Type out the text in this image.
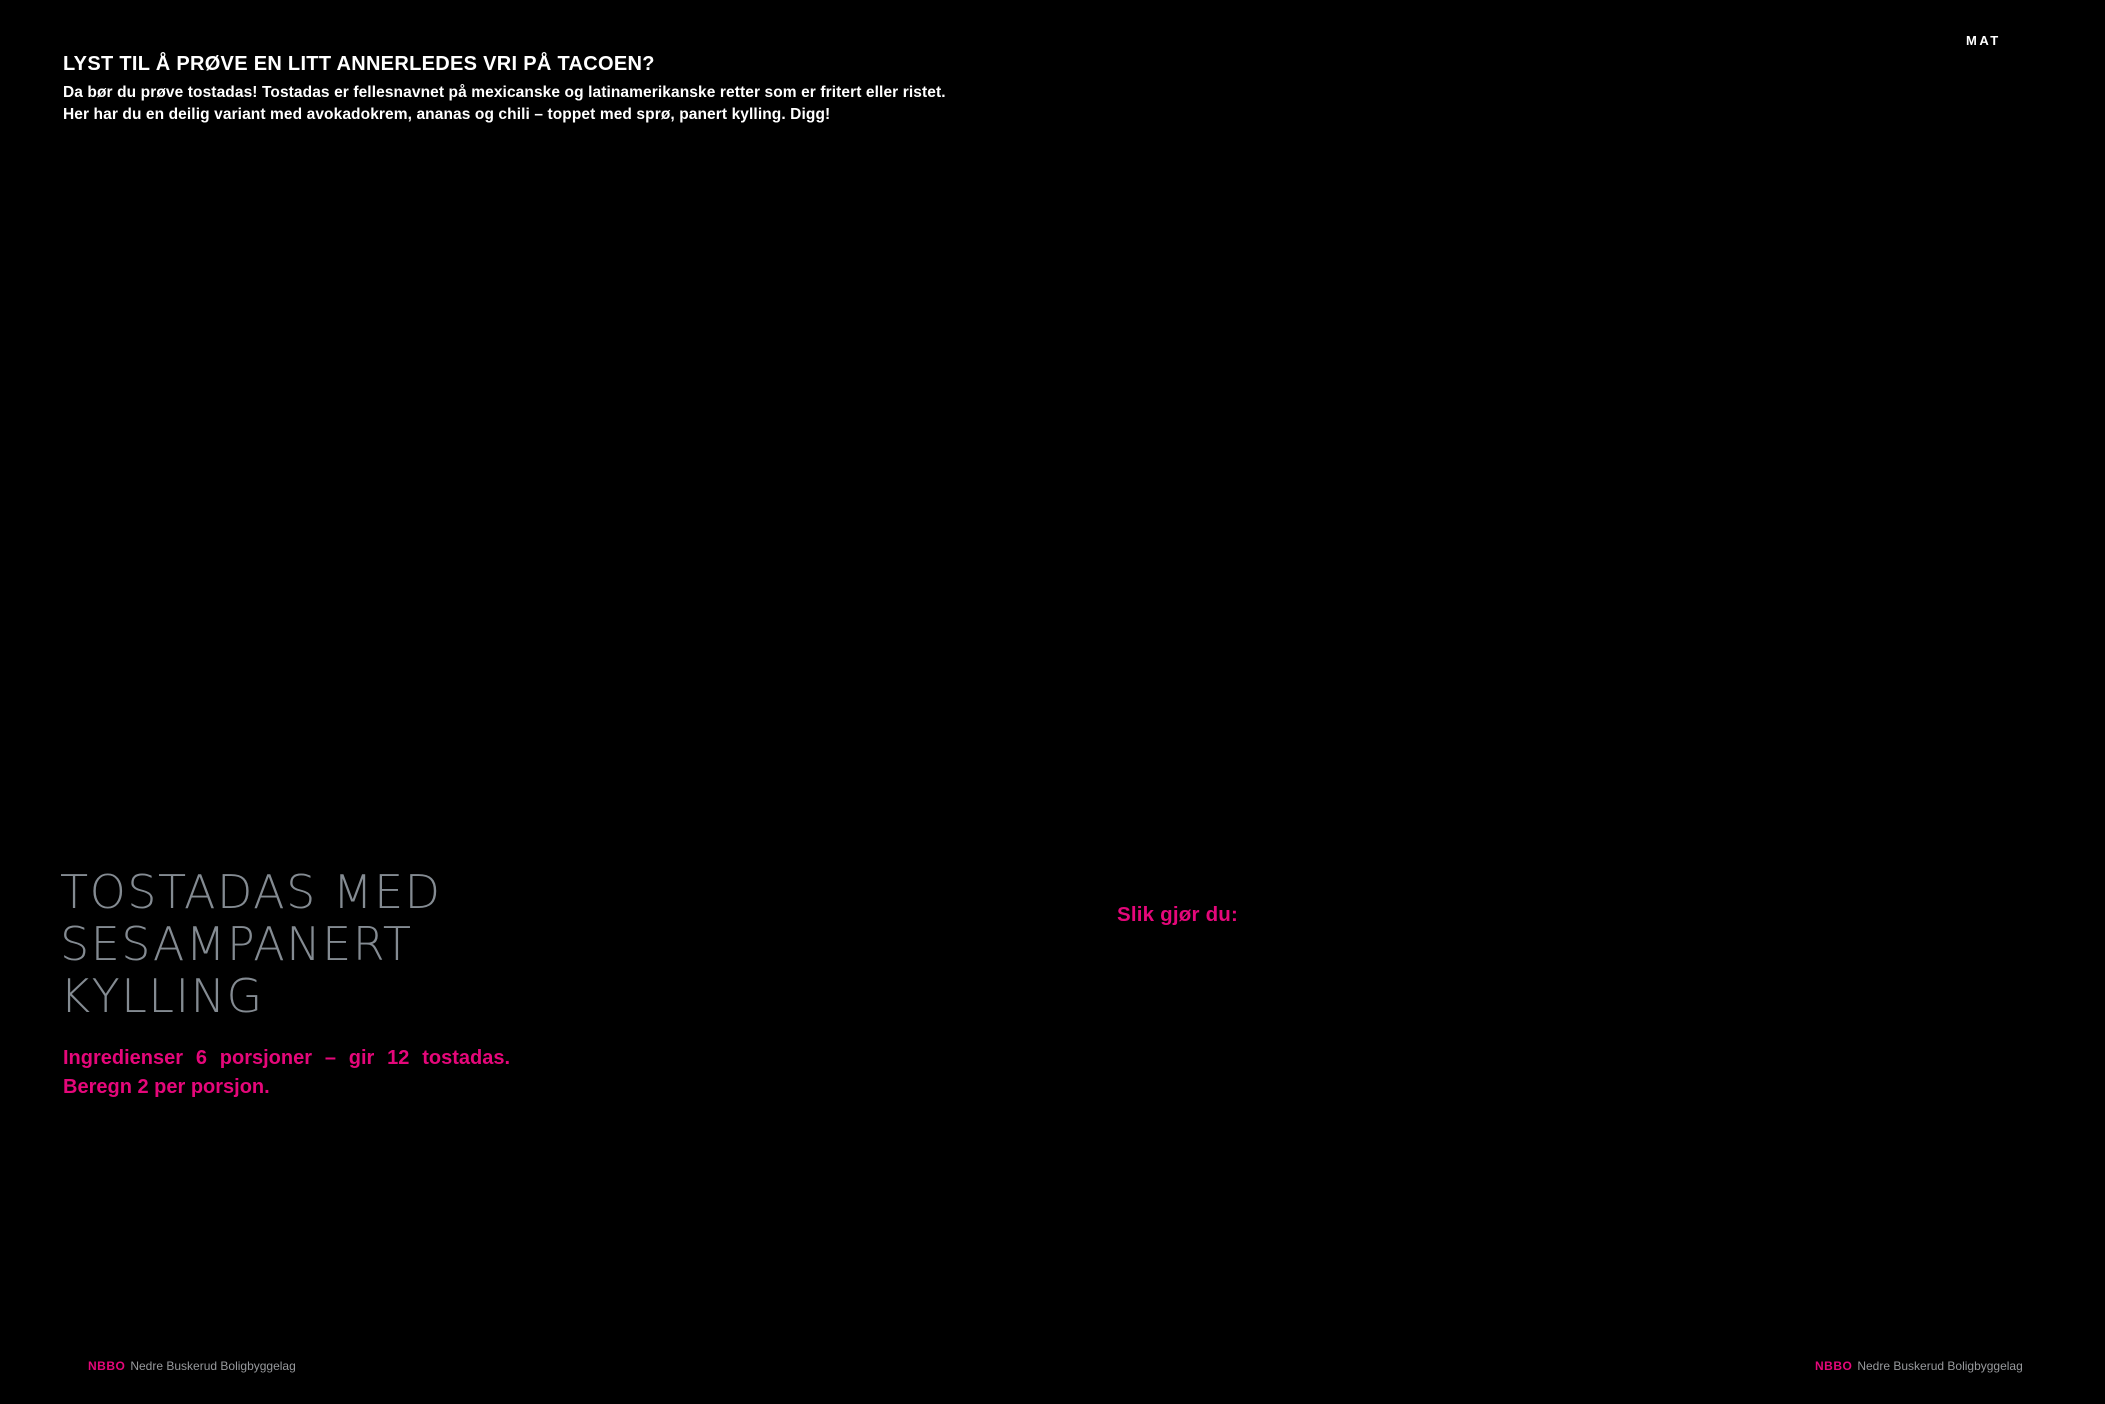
LYST TIL Å PRØVE EN LITT ANNERLEDES VRI PÅ TACOEN?
Da bør du prøve tostadas! Tostadas er fellesnavnet på mexicanske og latinamerikanske retter som er fritert eller ristet.
Her har du en deilig variant med avokadokrem, ananas og chili – toppet med sprø, panert kylling. Digg!
MAT
TOSTADAS MED
SESAMPANERT
KYLLING
Ingredienser 6 porsjoner – gir 12 tostadas.
Beregn 2 per porsjon.
Slik gjør du:
NBBO Nedre Buskerud Boligbyggelag	NBBO Nedre Buskerud Boligbyggelag
